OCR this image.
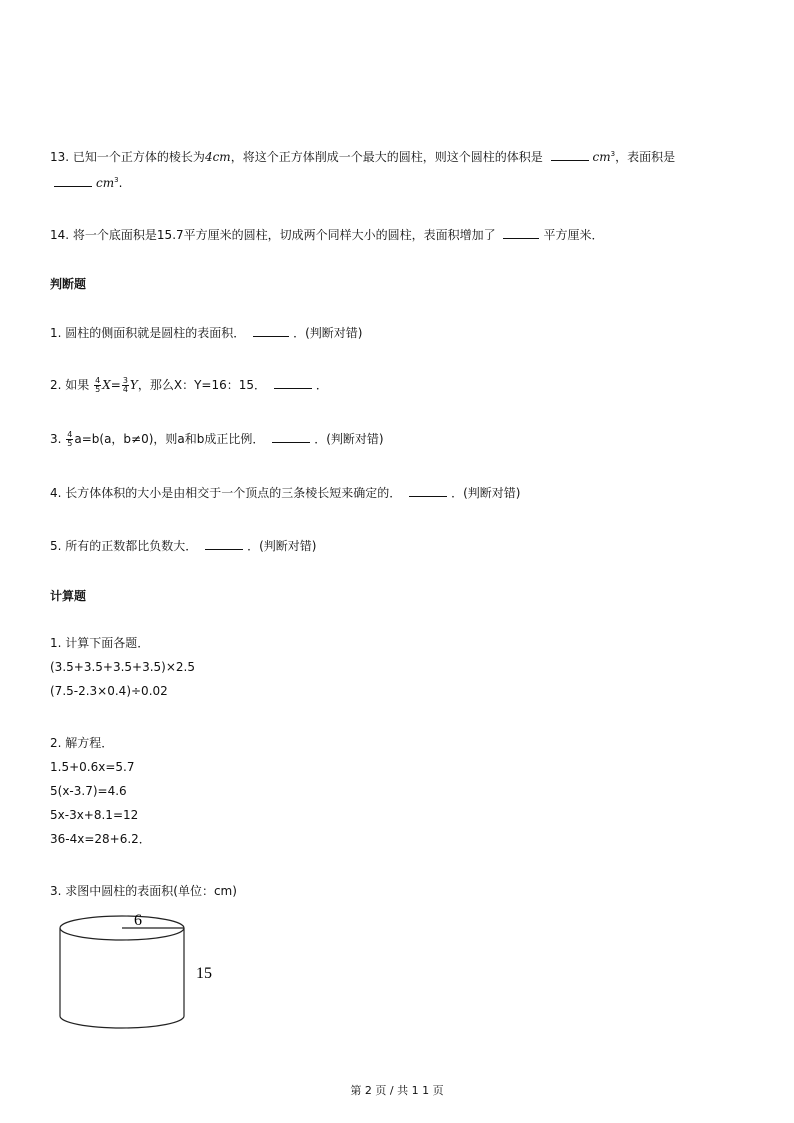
13. 已知一个正方体的棱长为4cm，将这个正方体削成一个最大的圆柱，则这个圆柱的体积是	$cm^3$，表面积是
$cm^3$.
14. 将一个底面积是15.7平方厘米的圆柱，切成两个同样大小的圆柱，表面积增加了	平方厘米．
判断题
1. 圆柱的侧面积就是圆柱的表面积．	．(判断对错)
2. 如果 $\frac{4}{5} X= \frac{3}{4}$ Y，那么X：Y=16：15．	．
3. $\frac{4}{5} a=b(a$，b≠0)，则a和b成正比例．	．(判断对错)
4. 长方体体积的大小是由相交于一个顶点的三条棱长短来确定的．	．(判断对错)
5. 所有的正数都比负数大．	．(判断对错)
计算题
1. 计算下面各题．
(3.5+3.5+3.5+3.5)×2.5
(7.5-2.3×0.4)÷0.02
2. 解方程．
1.5+0.6x=5.7
5(x-3.7)=4.6
5x-3x+8.1=12
36-4x=28+6.2．
3. 求图中圆柱的表面积(单位：cm)
6
15
第 2 页 / 共 1 1 页
